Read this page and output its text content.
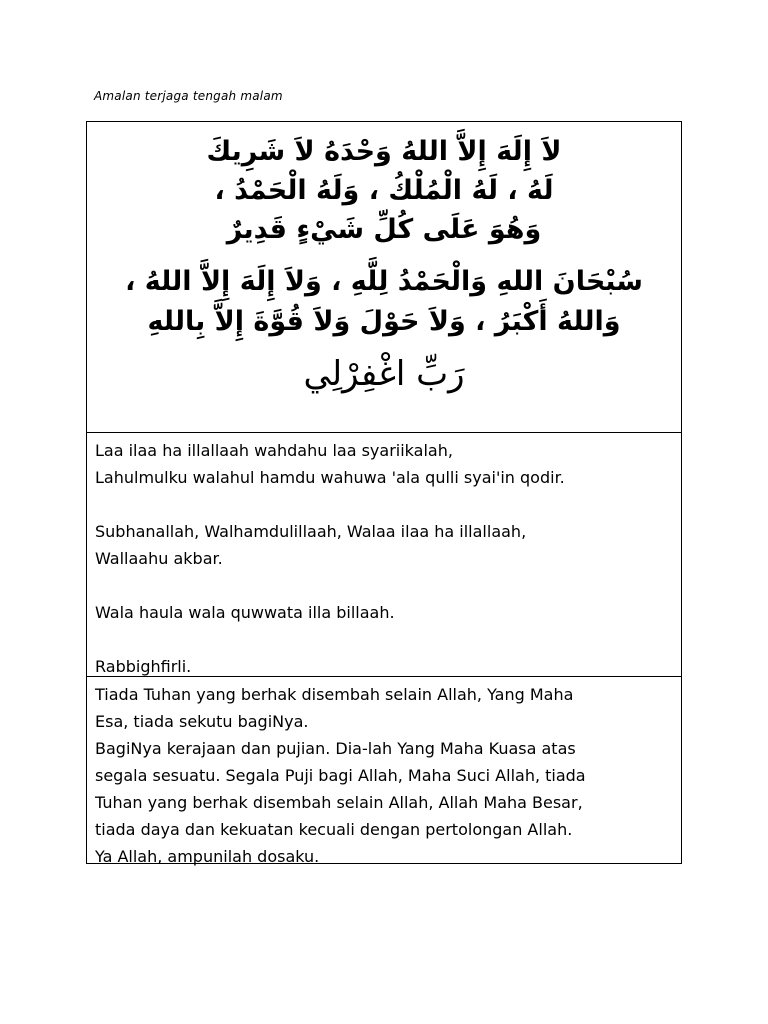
Amalan terjaga tengah malam
لاَ إِلَهَ إِلاَّ اللهُ وَحْدَهُ لاَ شَرِيكَ
لَهُ ، لَهُ الْمُلْكُ ، وَلَهُ الْحَمْدُ ،
وَهُوَ عَلَى كُلِّ شَيْءٍ قَدِيرٌ
سُبْحَانَ اللهِ وَالْحَمْدُ لِلَّهِ ، وَلاَ إِلَهَ إِلاَّ اللهُ ،
وَاللهُ أَكْبَرُ ، وَلاَ حَوْلَ وَلاَ قُوَّةَ إِلاَّ بِاللهِ
رَبِّ اغْفِرْلِي

Laa ilaa ha illallaah wahdahu laa syariikalah,

Lahulmulku walahul hamdu wahuwa 'ala qulli syai'in qodir.

Subhanallah, Walhamdulillaah, Walaa ilaa ha illallaah,

Wallaahu akbar.

Wala haula wala quwwata illa billaah.

Rabbighfirli.

Tiada Tuhan yang berhak disembah selain Allah, Yang Maha

Esa, tiada sekutu bagiNya.

BagiNya kerajaan dan pujian. Dia-lah Yang Maha Kuasa atas

segala sesuatu. Segala Puji bagi Allah, Maha Suci Allah, tiada

Tuhan yang berhak disembah selain Allah, Allah Maha Besar,

tiada daya dan kekuatan kecuali dengan pertolongan Allah.

Ya Allah, ampunilah dosaku.
